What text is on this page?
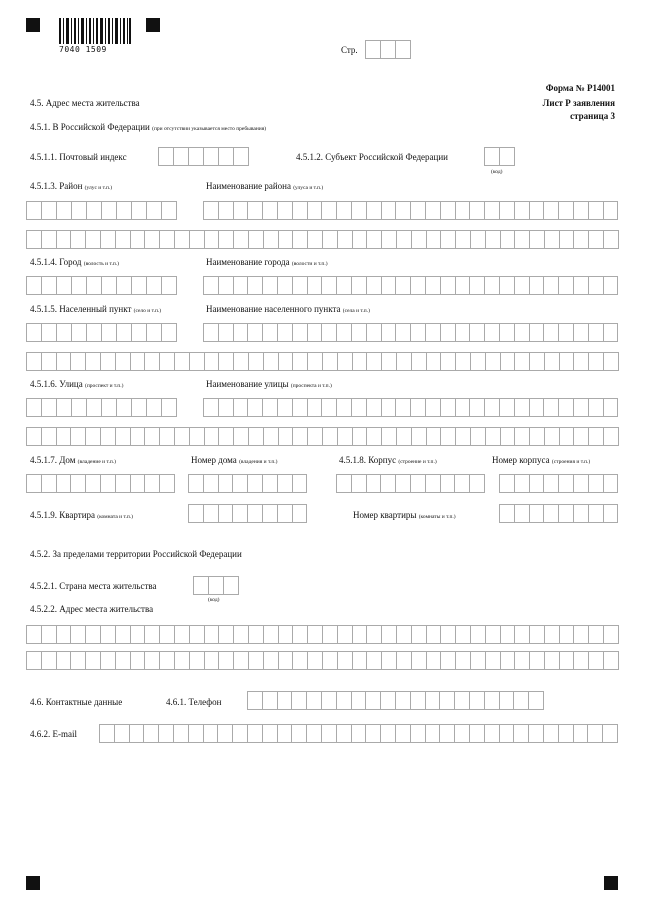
7040 1509	Стр.
Форма № Р14001
Лист Р заявления
страница 3
4.5. Адрес места жительства
4.5.1. В Российской Федерации (при отсутствии указывается место пребывания)
4.5.1.1. Почтовый индекс	4.5.1.2. Субъект Российской Федерации
(код)
4.5.1.3. Район (улус и т.п.)	Наименование района (улуса и т.п.)
4.5.1.4. Город (волость и т.п.)	Наименование города (волости и т.п.)
4.5.1.5. Населенный пункт (село и т.п.)	Наименование населенного пункта (села и т.п.)
4.5.1.6. Улица (проспект и т.п.)	Наименование улицы (проспекта и т.п.)
4.5.1.7. Дом (владение и т.п.)	Номер дома (владения и т.п.)	4.5.1.8. Корпус (строение и т.п.)	Номер корпуса (строения и т.п.)
4.5.1.9. Квартира (комната и т.п.)	Номер квартиры (комнаты и т.п.)
4.5.2. За пределами территории Российской Федерации
4.5.2.1. Страна места жительства
(код)
4.5.2.2. Адрес места жительства
4.6. Контактные данные	4.6.1. Телефон
4.6.2. E-mail
